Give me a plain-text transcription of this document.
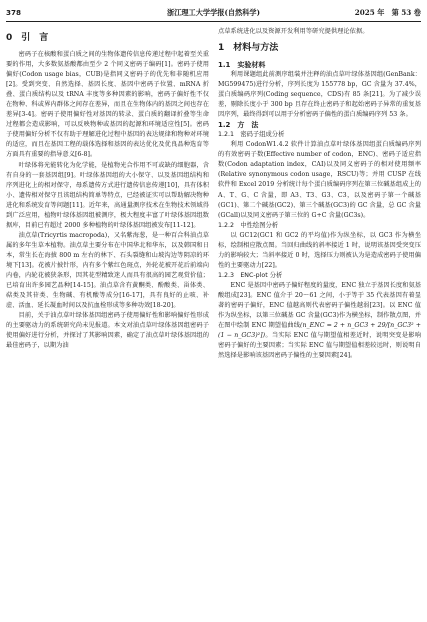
378	浙江理工大学学报(自然科学)	2025 年　第 53 卷
0　引　言

密码子在核酸和蛋白质之间的生物体遗传信息传递过程中起着至关重要的作用，大多数氨基酸都由至少 2 个同义密码子编码[1]。密码子使用偏好(Codon usage bias，CUB)是指同义密码子的优先和非随机应用[2]。受到突变、自然选择、基因长度、基因中密码子位置、mRNA 折叠、蛋白质结构以及 tRNA 丰度等多种因素的影响，密码子偏好性不仅在物种、科或界内群体之间存在差异，而且在生物体内的基因之间也存在差异[3-4]。密码子使用偏好性对基因的转录、蛋白质的翻译折叠等生命过程都会造成影响，可以反映物种或基因的起源和环境适应性[5]。密码子使用偏好分析不仅有助于理解进化过程中基因的表达规律和物种对环境的适应，而且在基因工程的载体选择和基因的表达优化及优良品种选育等方面具有重要的指导意义[6-8]。

叶绿体将光能转化为化学能，是植物光合作用不可或缺的细胞器，含有自身的一套基因组[9]。叶绿体基因组的大小保守、以及基因组结构和序列进化上的相对保守，母系遗传方式进行遗传信息传递[10]，具有体积小、遗传相对保守且该组结构简单等特点，已经被证实可以帮助解决物种进化和系统发育等问题[11]。近年来，高通量测序技术在生物技术领域得到广泛应用，植物叶绿体基因组被测序，极大程度丰富了叶绿体基因组数据库，目前已有超过 2000 多种植物的叶绿体基因组被发布[11-12]。

油点草(Tricyrtis macropoda)，又名紫海葱，是一种百合科油点草属的多年生草本植物。油点草主要分布在中国华北和华东，以及韩国和日本，常生长在海拔 800 m 左右的林下、石头裂缝和山坡沟边等阴凉的环境下[13]。花被片披针形，内有多个紫红色斑点，外轮花被开花后前端向内卷，内轮花被狭条形，因其花型精致迷人而具有很高的园艺观赏价值；已培育出许多园艺品种[14-15]。油点草含有黄酮类、酚酸类、甾体类、萜类及其苷类、生物碱、有机酸等成分[16-17]，具有良好的止咳、补虚、活血、延长凝血时间以及抗血栓形成等多种功效[18-20]。

目前，关于油点草叶绿体基因组密码子使用偏好性和影响偏好性形成的主要驱动力的系统研究尚未见报道。本文对油点草叶绿体基因组密码子使用偏好进行分析，并探讨了其影响因素，确定了油点草叶绿体基因组的最佳密码子，以期为油

点草系统进化以及资源开发利用等研究提供理论依据。

1　材料与方法
1.1　实验材料

利用课题组此前测序组装并注释的油点草叶绿体基因组(GenBank：MG599475)进行分析，序列长度为 155778 bp，GC 含量为 37.4%，蛋白质编码序列(Coding sequence，CDS)有 85 条[21]。为了减少误差，剔除长度小于 300 bp 且存在终止密码子和起始密码子异常的重复基因序列，最终得到可以用于分析密码子偏性的蛋白质编码序列 53 条。

1.2　方　法
1.2.1　密码子组成分析

利用 CodonW1.4.2 软件计算油点草叶绿体基因组蛋白质编码序列的有效密码子数(Effective number of codon，ENC)、密码子适应指数(Codon adaptation index，CAI)以及同义密码子的相对使用频率(Relative synonymous codon usage，RSCU)等；并用 CUSP 在线软件和 Excel 2019 分析统计每个蛋白质编码序列在第三位碱基组成上的 A、T、G、C 含量，即 A3、T3、G3、C3，以及密码子第一个碱基(GC1)、第二个碱基(GC2)、第三个碱基(GC3)的 GC 含量，总 GC 含量(GCall)以及同义密码子第三位的 G+C 含量(GC3s)。

1.2.2　中性绘图分析

以 GC12(GC1 和 GC2 的平均值)作为纵坐标，以 GC3 作为横坐标，绘制相应散点图。当回归曲线的斜率接近 1 时，说明该基因受突变压力的影响较大；当斜率接近 0 时，选择压力则被认为是造成密码子使用偏性的主要驱动力[22]。

1.2.3　ENC-plot 分析

ENC 是基因中密码子偏好程度的量度，ENC 独立于基因长度和氨基酸组成[23]。ENC 值介于 20～61 之间，小于等于 35 代表基因有着显著的密码子偏好，ENC 值越高则代表密码子偏性越弱[23]。以 ENC 值作为纵坐标，以第三位碱基 GC 含量(GC3)作为横坐标，制作散点图，并在图中绘制 ENC 期望值曲线(n_ENC = 2 + n_GC3 + 29/[n_GC3² + (1 − n_GC3)²])。当实际 ENC 值与期望值相差近时，说明突变是影响密码子偏好的主要因素；当实际 ENC 值与期望值相差较远时，则说明自然选择是影响该基因密码子偏性的主要因素[24]。
